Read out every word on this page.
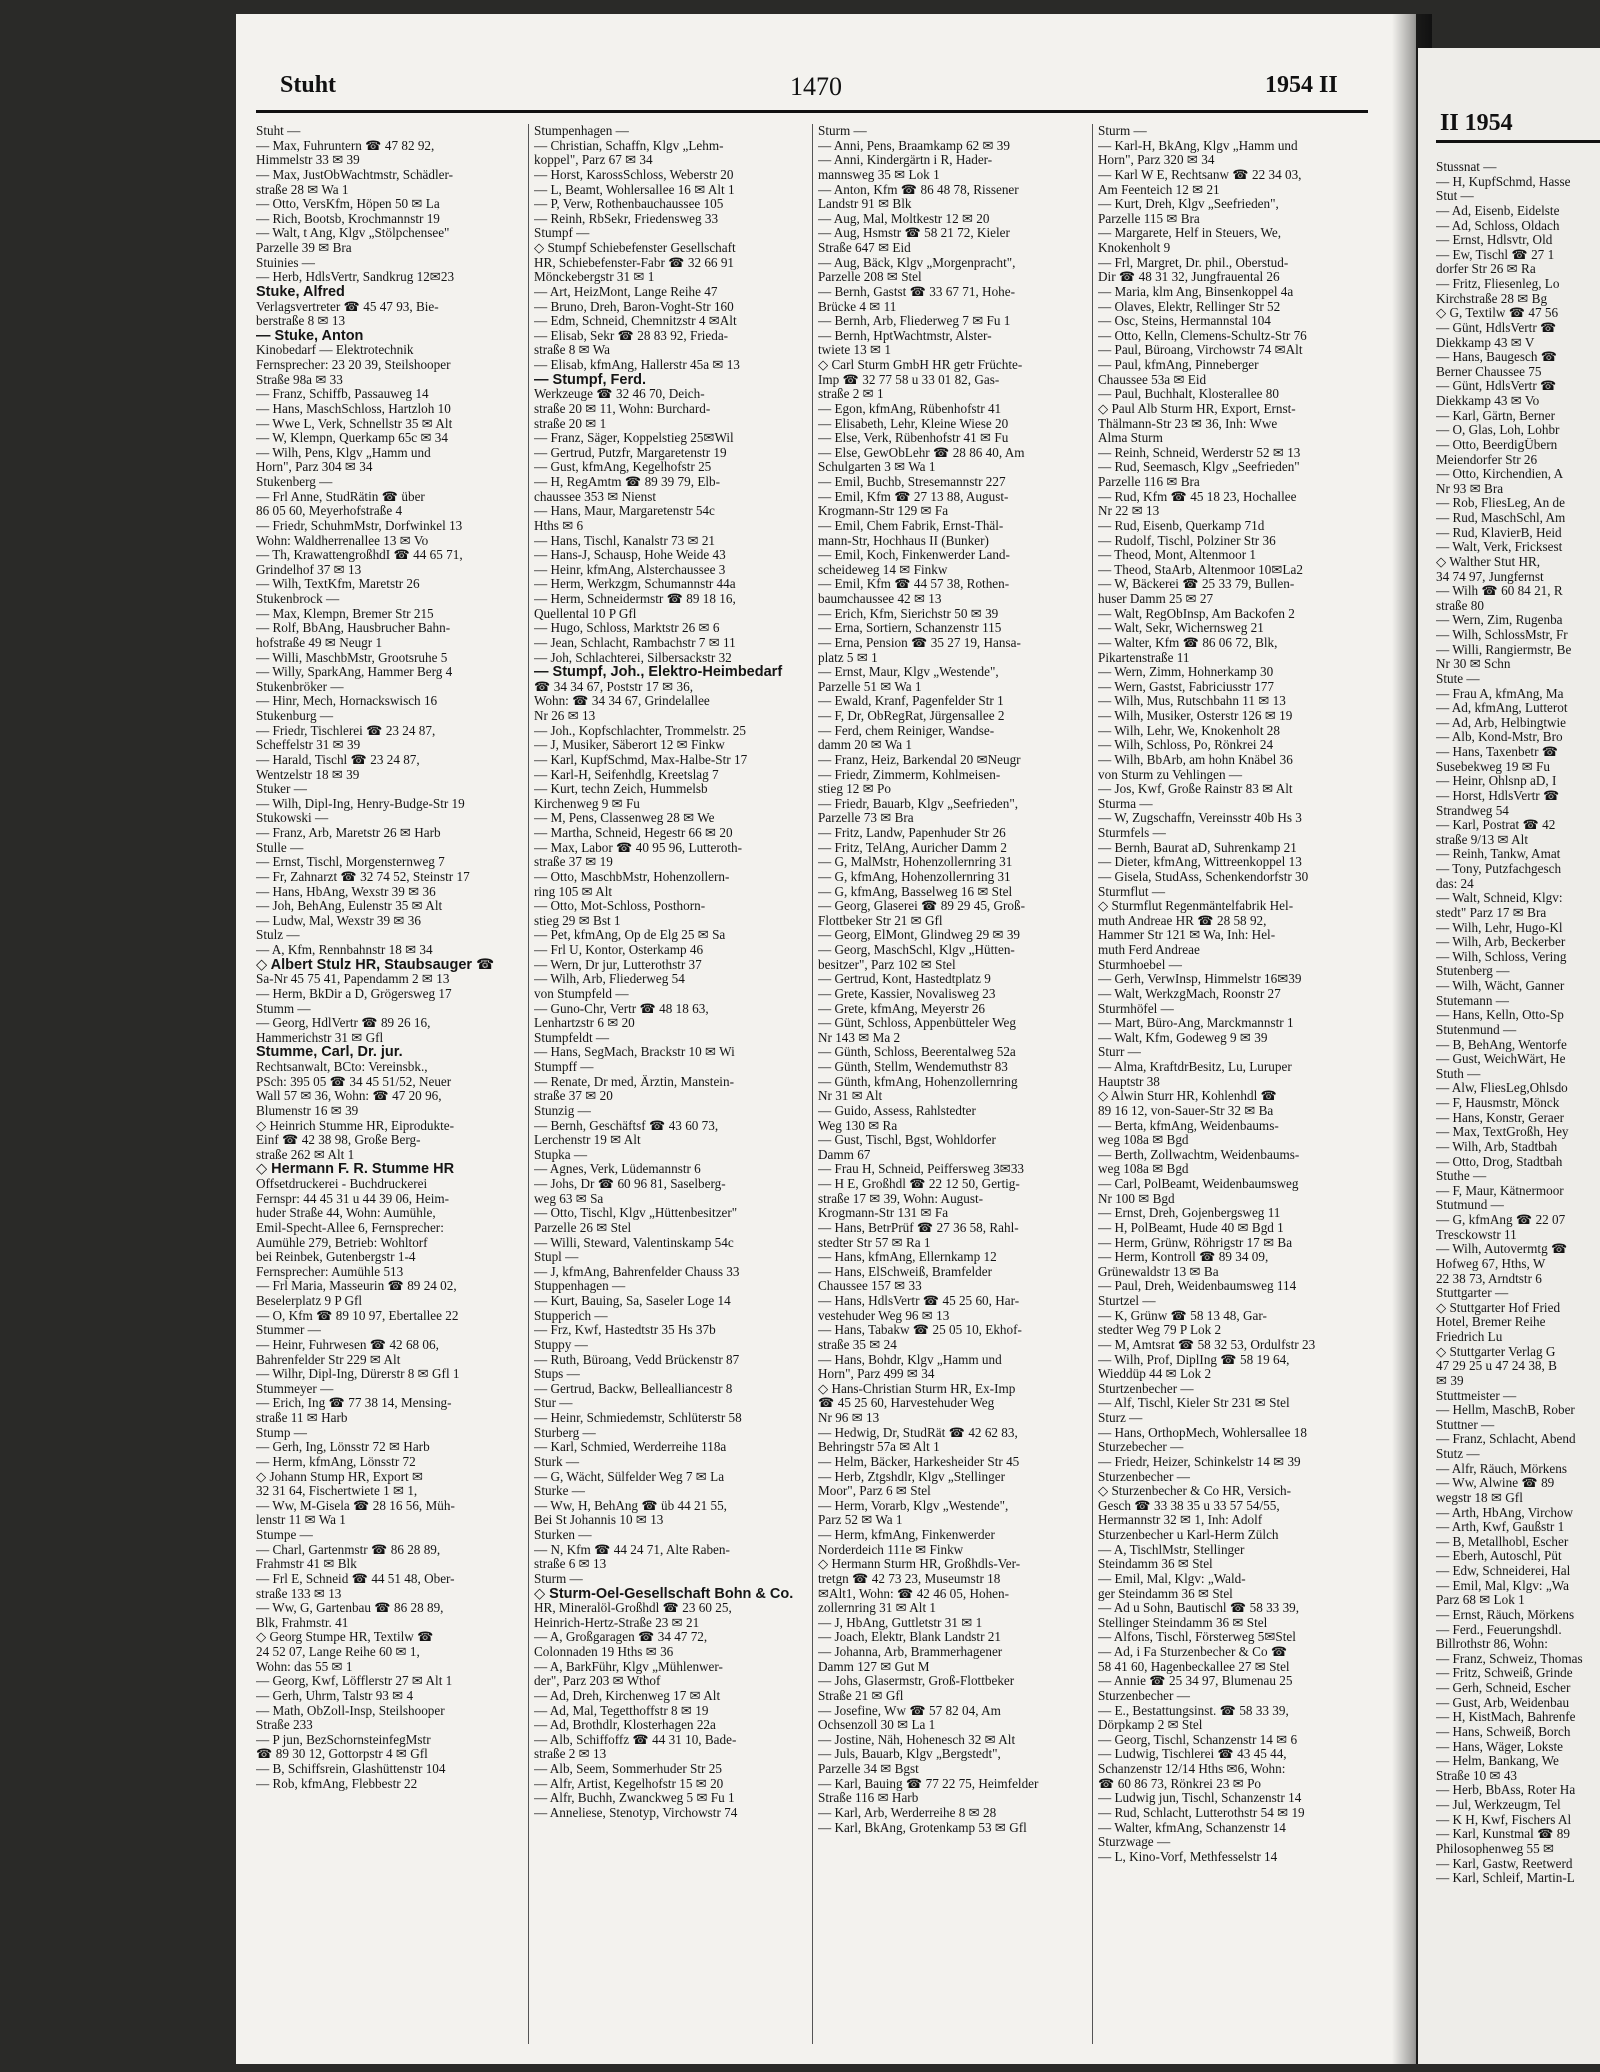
Stuht	1470	1954 II
II 1954
Stuht —
— Max, Fuhruntern ☎ 47 82 92,
Himmelstr 33 ✉ 39
— Max, JustObWachtmstr, Schädler-
straße 28 ✉ Wa 1
— Otto, VersKfm, Höpen 50 ✉ La
— Rich, Bootsb, Krochmannstr 19
— Walt, t Ang, Klgv „Stölpchensee"
Parzelle 39 ✉ Bra
Stuinies —
— Herb, HdlsVertr, Sandkrug 12✉23
Stuke, Alfred
Verlagsvertreter ☎ 45 47 93, Bie-
berstraße 8 ✉ 13
— Stuke, Anton
Kinobedarf — Elektrotechnik
Fernsprecher: 23 20 39, Steilshooper
Straße 98a ✉ 33
— Franz, Schiffb, Passauweg 14
— Hans, MaschSchloss, Hartzloh 10
— Wwe L, Verk, Schnellstr 35 ✉ Alt
— W, Klempn, Querkamp 65c ✉ 34
— Wilh, Pens, Klgv „Hamm und
Horn", Parz 304 ✉ 34
Stukenberg —
— Frl Anne, StudRätin ☎ über
86 05 60, Meyerhofstraße 4
— Friedr, SchuhmMstr, Dorfwinkel 13
Wohn: Waldherrenallee 13 ✉ Vo
— Th, KrawattengroßhdI ☎ 44 65 71,
Grindelhof 37 ✉ 13
— Wilh, TextKfm, Maretstr 26
Stukenbrock —
— Max, Klempn, Bremer Str 215
— Rolf, BbAng, Hausbrucher Bahn-
hofstraße 49 ✉ Neugr 1
— Willi, MaschbMstr, Grootsruhe 5
— Willy, SparkAng, Hammer Berg 4
Stukenbröker —
— Hinr, Mech, Hornackswisch 16
Stukenburg —
— Friedr, Tischlerei ☎ 23 24 87,
Scheffelstr 31 ✉ 39
— Harald, Tischl ☎ 23 24 87,
Wentzelstr 18 ✉ 39
Stuker —
— Wilh, Dipl-Ing, Henry-Budge-Str 19
Stukowski —
— Franz, Arb, Maretstr 26 ✉ Harb
Stulle —
— Ernst, Tischl, Morgensternweg 7
— Fr, Zahnarzt ☎ 32 74 52, Steinstr 17
— Hans, HbAng, Wexstr 39 ✉ 36
— Joh, BehAng, Eulenstr 35 ✉ Alt
— Ludw, Mal, Wexstr 39 ✉ 36
Stulz —
— A, Kfm, Rennbahnstr 18 ✉ 34
◇ Albert Stulz HR, Staubsauger ☎
Sa-Nr 45 75 41, Papendamm 2 ✉ 13
— Herm, BkDir a D, Grögersweg 17
Stumm —
— Georg, HdlVertr ☎ 89 26 16,
Hammerichstr 31 ✉ Gfl
Stumme, Carl, Dr. jur.
Rechtsanwalt, BCto: Vereinsbk.,
PSch: 395 05 ☎ 34 45 51/52, Neuer
Wall 57 ✉ 36, Wohn: ☎ 47 20 96,
Blumenstr 16 ✉ 39
◇ Heinrich Stumme HR, Eiprodukte-
Einf ☎ 42 38 98, Große Berg-
straße 262 ✉ Alt 1
◇ Hermann F. R. Stumme HR
Offsetdruckerei - Buchdruckerei
Fernspr: 44 45 31 u 44 39 06, Heim-
huder Straße 44, Wohn: Aumühle,
Emil-Specht-Allee 6, Fernsprecher:
Aumühle 279, Betrieb: Wohltorf
bei Reinbek, Gutenbergstr 1-4
Fernsprecher: Aumühle 513
— Frl Maria, Masseurin ☎ 89 24 02,
Beselerplatz 9 P Gfl
— O, Kfm ☎ 89 10 97, Ebertallee 22
Stummer —
— Heinr, Fuhrwesen ☎ 42 68 06,
Bahrenfelder Str 229 ✉ Alt
— Wilhr, Dipl-Ing, Dürerstr 8 ✉ Gfl 1
Stummeyer —
— Erich, Ing ☎ 77 38 14, Mensing-
straße 11 ✉ Harb
Stump —
— Gerh, Ing, Lönsstr 72 ✉ Harb
— Herm, kfmAng, Lönsstr 72
◇ Johann Stump HR, Export ✉
32 31 64, Fischertwiete 1 ✉ 1,
— Ww, M-Gisela ☎ 28 16 56, Müh-
lenstr 11 ✉ Wa 1
Stumpe —
— Charl, Gartenmstr ☎ 86 28 89,
Frahmstr 41 ✉ Blk
— Frl E, Schneid ☎ 44 51 48, Ober-
straße 133 ✉ 13
— Ww, G, Gartenbau ☎ 86 28 89,
Blk, Frahmstr. 41
◇ Georg Stumpe HR, Textilw ☎
24 52 07, Lange Reihe 60 ✉ 1,
Wohn: das 55 ✉ 1
— Georg, Kwf, Löfflerstr 27 ✉ Alt 1
— Gerh, Uhrm, Talstr 93 ✉ 4
— Math, ObZoll-Insp, Steilshooper
Straße 233
— P jun, BezSchornsteinfegMstr
☎ 89 30 12, Gottorpstr 4 ✉ Gfl
— B, Schiffsrein, Glashüttenstr 104
— Rob, kfmAng, Flebbestr 22
Stumpenhagen —
— Christian, Schaffn, Klgv „Lehm-
koppel", Parz 67 ✉ 34
— Horst, KarossSchloss, Weberstr 20
— L, Beamt, Wohlersallee 16 ✉ Alt 1
— P, Verw, Rothenbauchaussee 105
— Reinh, RbSekr, Friedensweg 33
Stumpf —
◇ Stumpf Schiebefenster Gesellschaft
HR, Schiebefenster-Fabr ☎ 32 66 91
Mönckebergstr 31 ✉ 1
— Art, HeizMont, Lange Reihe 47
— Bruno, Dreh, Baron-Voght-Str 160
— Edm, Schneid, Chemnitzstr 4 ✉Alt
— Elisab, Sekr ☎ 28 83 92, Frieda-
straße 8 ✉ Wa
— Elisab, kfmAng, Hallerstr 45a ✉ 13
— Stumpf, Ferd.
Werkzeuge ☎ 32 46 70, Deich-
straße 20 ✉ 11, Wohn: Burchard-
straße 20 ✉ 1
— Franz, Säger, Koppelstieg 25✉Wil
— Gertrud, Putzfr, Margaretenstr 19
— Gust, kfmAng, Kegelhofstr 25
— H, RegAmtm ☎ 89 39 79, Elb-
chaussee 353 ✉ Nienst
— Hans, Maur, Margaretenstr 54c
Hths ✉ 6
— Hans, Tischl, Kanalstr 73 ✉ 21
— Hans-J, Schausp, Hohe Weide 43
— Heinr, kfmAng, Alsterchaussee 3
— Herm, Werkzgm, Schumannstr 44a
— Herm, Schneidermstr ☎ 89 18 16,
Quellental 10 P Gfl
— Hugo, Schloss, Marktstr 26 ✉ 6
— Jean, Schlacht, Rambachstr 7 ✉ 11
— Joh, Schlachterei, Silbersackstr 32
— Stumpf, Joh., Elektro-Heimbedarf
☎ 34 34 67, Poststr 17 ✉ 36,
Wohn: ☎ 34 34 67, Grindelallee
Nr 26 ✉ 13
— Joh., Kopfschlachter, Trommelstr. 25
— J, Musiker, Säberort 12 ✉ Finkw
— Karl, KupfSchmd, Max-Halbe-Str 17
— Karl-H, Seifenhdlg, Kreetslag 7
— Kurt, techn Zeich, Hummelsb
Kirchenweg 9 ✉ Fu
— M, Pens, Classenweg 28 ✉ We
— Martha, Schneid, Hegestr 66 ✉ 20
— Max, Labor ☎ 40 95 96, Lutteroth-
straße 37 ✉ 19
— Otto, MaschbMstr, Hohenzollern-
ring 105 ✉ Alt
— Otto, Mot-Schloss, Posthorn-
stieg 29 ✉ Bst 1
— Pet, kfmAng, Op de Elg 25 ✉ Sa
— Frl U, Kontor, Osterkamp 46
— Wern, Dr jur, Lutterothstr 37
— Wilh, Arb, Fliederweg 54
von Stumpfeld —
— Guno-Chr, Vertr ☎ 48 18 63,
Lenhartzstr 6 ✉ 20
Stumpfeldt —
— Hans, SegMach, Brackstr 10 ✉ Wi
Stumpff —
— Renate, Dr med, Ärztin, Manstein-
straße 37 ✉ 20
Stunzig —
— Bernh, Geschäftsf ☎ 43 60 73,
Lerchenstr 19 ✉ Alt
Stupka —
— Agnes, Verk, Lüdemannstr 6
— Johs, Dr ☎ 60 96 81, Saselberg-
weg 63 ✉ Sa
— Otto, Tischl, Klgv „Hüttenbesitzer"
Parzelle 26 ✉ Stel
— Willi, Steward, Valentinskamp 54c
Stupl —
— J, kfmAng, Bahrenfelder Chauss 33
Stuppenhagen —
— Kurt, Bauing, Sa, Saseler Loge 14
Stupperich —
— Frz, Kwf, Hastedtstr 35 Hs 37b
Stuppy —
— Ruth, Büroang, Vedd Brückenstr 87
Stups —
— Gertrud, Backw, Bellealliancestr 8
Stur —
— Heinr, Schmiedemstr, Schlüterstr 58
Sturberg —
— Karl, Schmied, Werderreihe 118a
Sturk —
— G, Wächt, Sülfelder Weg 7 ✉ La
Sturke —
— Ww, H, BehAng ☎ üb 44 21 55,
Bei St Johannis 10 ✉ 13
Sturken —
— N, Kfm ☎ 44 24 71, Alte Raben-
straße 6 ✉ 13
Sturm —
◇ Sturm-Oel-Gesellschaft Bohn & Co.
HR, Mineralöl-Großhdl ☎ 23 60 25,
Heinrich-Hertz-Straße 23 ✉ 21
— A, Großgaragen ☎ 34 47 72,
Colonnaden 19 Hths ✉ 36
— A, BarkFühr, Klgv „Mühlenwer-
der", Parz 203 ✉ Wthof
— Ad, Dreh, Kirchenweg 17 ✉ Alt
— Ad, Mal, Tegetthoffstr 8 ✉ 19
— Ad, Brothdlr, Klosterhagen 22a
— Alb, Schiffoffz ☎ 44 31 10, Bade-
straße 2 ✉ 13
— Alb, Seem, Sommerhuder Str 25
— Alfr, Artist, Kegelhofstr 15 ✉ 20
— Alfr, Buchh, Zwanckweg 5 ✉ Fu 1
— Anneliese, Stenotyp, Virchowstr 74
Sturm —
— Anni, Pens, Braamkamp 62 ✉ 39
— Anni, Kindergärtn i R, Hader-
mannsweg 35 ✉ Lok 1
— Anton, Kfm ☎ 86 48 78, Rissener
Landstr 91 ✉ Blk
— Aug, Mal, Moltkestr 12 ✉ 20
— Aug, Hsmstr ☎ 58 21 72, Kieler
Straße 647 ✉ Eid
— Aug, Bäck, Klgv „Morgenpracht",
Parzelle 208 ✉ Stel
— Bernh, Gastst ☎ 33 67 71, Hohe-
Brücke 4 ✉ 11
— Bernh, Arb, Fliederweg 7 ✉ Fu 1
— Bernh, HptWachtmstr, Alster-
twiete 13 ✉ 1
◇ Carl Sturm GmbH HR getr Früchte-
Imp ☎ 32 77 58 u 33 01 82, Gas-
straße 2 ✉ 1
— Egon, kfmAng, Rübenhofstr 41
— Elisabeth, Lehr, Kleine Wiese 20
— Else, Verk, Rübenhofstr 41 ✉ Fu
— Else, GewObLehr ☎ 28 86 40, Am
Schulgarten 3 ✉ Wa 1
— Emil, Buchb, Stresemannstr 227
— Emil, Kfm ☎ 27 13 88, August-
Krogmann-Str 129 ✉ Fa
— Emil, Chem Fabrik, Ernst-Thäl-
mann-Str, Hochhaus II (Bunker)
— Emil, Koch, Finkenwerder Land-
scheideweg 14 ✉ Finkw
— Emil, Kfm ☎ 44 57 38, Rothen-
baumchaussee 42 ✉ 13
— Erich, Kfm, Sierichstr 50 ✉ 39
— Erna, Sortiern, Schanzenstr 115
— Erna, Pension ☎ 35 27 19, Hansa-
platz 5 ✉ 1
— Ernst, Maur, Klgv „Westende",
Parzelle 51 ✉ Wa 1
— Ewald, Kranf, Pagenfelder Str 1
— F, Dr, ObRegRat, Jürgensallee 2
— Ferd, chem Reiniger, Wandse-
damm 20 ✉ Wa 1
— Franz, Heiz, Barkendal 20 ✉Neugr
— Friedr, Zimmerm, Kohlmeisen-
stieg 12 ✉ Po
— Friedr, Bauarb, Klgv „Seefrieden",
Parzelle 73 ✉ Bra
— Fritz, Landw, Papenhuder Str 26
— Fritz, TelAng, Auricher Damm 2
— G, MalMstr, Hohenzollernring 31
— G, kfmAng, Hohenzollernring 31
— G, kfmAng, Basselweg 16 ✉ Stel
— Georg, Glaserei ☎ 89 29 45, Groß-
Flottbeker Str 21 ✉ Gfl
— Georg, ElMont, Glindweg 29 ✉ 39
— Georg, MaschSchl, Klgv „Hütten-
besitzer", Parz 102 ✉ Stel
— Gertrud, Kont, Hastedtplatz 9
— Grete, Kassier, Novalisweg 23
— Grete, kfmAng, Meyerstr 26
— Günt, Schloss, Appenbütteler Weg
Nr 143 ✉ Ma 2
— Günth, Schloss, Beerentalweg 52a
— Günth, Stellm, Wendemuthstr 83
— Günth, kfmAng, Hohenzollernring
Nr 31 ✉ Alt
— Guido, Assess, Rahlstedter
Weg 130 ✉ Ra
— Gust, Tischl, Bgst, Wohldorfer
Damm 67
— Frau H, Schneid, Peiffersweg 3✉33
— H E, Großhdl ☎ 22 12 50, Gertig-
straße 17 ✉ 39, Wohn: August-
Krogmann-Str 131 ✉ Fa
— Hans, BetrPrüf ☎ 27 36 58, Rahl-
stedter Str 57 ✉ Ra 1
— Hans, kfmAng, Ellernkamp 12
— Hans, ElSchweiß, Bramfelder
Chaussee 157 ✉ 33
— Hans, HdlsVertr ☎ 45 25 60, Har-
vestehuder Weg 96 ✉ 13
— Hans, Tabakw ☎ 25 05 10, Ekhof-
straße 35 ✉ 24
— Hans, Bohdr, Klgv „Hamm und
Horn", Parz 499 ✉ 34
◇ Hans-Christian Sturm HR, Ex-Imp
☎ 45 25 60, Harvestehuder Weg
Nr 96 ✉ 13
— Hedwig, Dr, StudRät ☎ 42 62 83,
Behringstr 57a ✉ Alt 1
— Helm, Bäcker, Harkesheider Str 45
— Herb, Ztgshdlr, Klgv „Stellinger
Moor", Parz 6 ✉ Stel
— Herm, Vorarb, Klgv „Westende",
Parz 52 ✉ Wa 1
— Herm, kfmAng, Finkenwerder
Norderdeich 111e ✉ Finkw
◇ Hermann Sturm HR, Großhdls-Ver-
tretgn ☎ 42 73 23, Museumstr 18
✉Alt1, Wohn: ☎ 42 46 05, Hohen-
zollernring 31 ✉ Alt 1
— J, HbAng, Guttletstr 31 ✉ 1
— Joach, Elektr, Blank Landstr 21
— Johanna, Arb, Brammerhagener
Damm 127 ✉ Gut M
— Johs, Glasermstr, Groß-Flottbeker
Straße 21 ✉ Gfl
— Josefine, Ww ☎ 57 82 04, Am
Ochsenzoll 30 ✉ La 1
— Jostine, Näh, Hohenesch 32 ✉ Alt
— Juls, Bauarb, Klgv „Bergstedt",
Parzelle 34 ✉ Bgst
— Karl, Bauing ☎ 77 22 75, Heimfelder
Straße 116 ✉ Harb
— Karl, Arb, Werderreihe 8 ✉ 28
— Karl, BkAng, Grotenkamp 53 ✉ Gfl
Sturm —
— Karl-H, BkAng, Klgv „Hamm und
Horn", Parz 320 ✉ 34
— Karl W E, Rechtsanw ☎ 22 34 03,
Am Feenteich 12 ✉ 21
— Kurt, Dreh, Klgv „Seefrieden",
Parzelle 115 ✉ Bra
— Margarete, Helf in Steuers, We,
Knokenholt 9
— Frl, Margret, Dr. phil., Oberstud-
Dir ☎ 48 31 32, Jungfrauental 26
— Maria, klm Ang, Binsenkoppel 4a
— Olaves, Elektr, Rellinger Str 52
— Osc, Steins, Hermannstal 104
— Otto, Kelln, Clemens-Schultz-Str 76
— Paul, Büroang, Virchowstr 74 ✉Alt
— Paul, kfmAng, Pinneberger
Chaussee 53a ✉ Eid
— Paul, Buchhalt, Klosterallee 80
◇ Paul Alb Sturm HR, Export, Ernst-
Thälmann-Str 23 ✉ 36, Inh: Wwe
Alma Sturm
— Reinh, Schneid, Werderstr 52 ✉ 13
— Rud, Seemasch, Klgv „Seefrieden"
Parzelle 116 ✉ Bra
— Rud, Kfm ☎ 45 18 23, Hochallee
Nr 22 ✉ 13
— Rud, Eisenb, Querkamp 71d
— Rudolf, Tischl, Polziner Str 36
— Theod, Mont, Altenmoor 1
— Theod, StaArb, Altenmoor 10✉La2
— W, Bäckerei ☎ 25 33 79, Bullen-
huser Damm 25 ✉ 27
— Walt, RegObInsp, Am Backofen 2
— Walt, Sekr, Wichernsweg 21
— Walter, Kfm ☎ 86 06 72, Blk,
Pikartenstraße 11
— Wern, Zimm, Hohnerkamp 30
— Wern, Gastst, Fabriciusstr 177
— Wilh, Mus, Rutschbahn 11 ✉ 13
— Wilh, Musiker, Osterstr 126 ✉ 19
— Wilh, Lehr, We, Knokenholt 28
— Wilh, Schloss, Po, Rönkrei 24
— Wilh, BbArb, am hohn Knäbel 36
von Sturm zu Vehlingen —
— Jos, Kwf, Große Rainstr 83 ✉ Alt
Sturma —
— W, Zugschaffn, Vereinsstr 40b Hs 3
Sturmfels —
— Bernh, Baurat aD, Suhrenkamp 21
— Dieter, kfmAng, Wittreenkoppel 13
— Gisela, StudAss, Schenkendorfstr 30
Sturmflut —
◇ Sturmflut Regenmäntelfabrik Hel-
muth Andreae HR ☎ 28 58 92,
Hammer Str 121 ✉ Wa, Inh: Hel-
muth Ferd Andreae
Sturmhoebel —
— Gerh, VerwInsp, Himmelstr 16✉39
— Walt, WerkzgMach, Roonstr 27
Sturmhöfel —
— Mart, Büro-Ang, Marckmannstr 1
— Walt, Kfm, Godeweg 9 ✉ 39
Sturr —
— Alma, KraftdrBesitz, Lu, Luruper
Hauptstr 38
◇ Alwin Sturr HR, Kohlenhdl ☎
89 16 12, von-Sauer-Str 32 ✉ Ba
— Berta, kfmAng, Weidenbaums-
weg 108a ✉ Bgd
— Berth, Zollwachtm, Weidenbaums-
weg 108a ✉ Bgd
— Carl, PolBeamt, Weidenbaumsweg
Nr 100 ✉ Bgd
— Ernst, Dreh, Gojenbergsweg 11
— H, PolBeamt, Hude 40 ✉ Bgd 1
— Herm, Grünw, Röhrigstr 17 ✉ Ba
— Herm, Kontroll ☎ 89 34 09,
Grünewaldstr 13 ✉ Ba
— Paul, Dreh, Weidenbaumsweg 114
Sturtzel —
— K, Grünw ☎ 58 13 48, Gar-
stedter Weg 79 P Lok 2
— M, Amtsrat ☎ 58 32 53, Ordulfstr 23
— Wilh, Prof, DiplIng ☎ 58 19 64,
Wieddüp 44 ✉ Lok 2
Sturtzenbecher —
— Alf, Tischl, Kieler Str 231 ✉ Stel
Sturz —
— Hans, OrthopMech, Wohlersallee 18
Sturzebecher —
— Friedr, Heizer, Schinkelstr 14 ✉ 39
Sturzenbecher —
◇ Sturzenbecher & Co HR, Versich-
Gesch ☎ 33 38 35 u 33 57 54/55,
Hermannstr 32 ✉ 1, Inh: Adolf
Sturzenbecher u Karl-Herm Zülch
— A, TischlMstr, Stellinger
Steindamm 36 ✉ Stel
— Emil, Mal, Klgv: „Wald-
ger Steindamm 36 ✉ Stel
— Ad u Sohn, Bautischl ☎ 58 33 39,
Stellinger Steindamm 36 ✉ Stel
— Alfons, Tischl, Försterweg 5✉Stel
— Ad, i Fa Sturzenbecher & Co ☎
58 41 60, Hagenbeckallee 27 ✉ Stel
— Annie ☎ 25 34 97, Blumenau 25
Sturzenbecher —
— E., Bestattungsinst. ☎ 58 33 39,
Dörpkamp 2 ✉ Stel
— Georg, Tischl, Schanzenstr 14 ✉ 6
— Ludwig, Tischlerei ☎ 43 45 44,
Schanzenstr 12/14 Hths ✉6, Wohn:
☎ 60 86 73, Rönkrei 23 ✉ Po
— Ludwig jun, Tischl, Schanzenstr 14
— Rud, Schlacht, Lutterothstr 54 ✉ 19
— Walter, kfmAng, Schanzenstr 14
Sturzwage —
— L, Kino-Vorf, Methfesselstr 14
Stussnat —
— H, KupfSchmd, Hasse
Stut —
— Ad, Eisenb, Eidelste
— Ad, Schloss, Oldach
— Ernst, Hdlsvtr, Old
— Ew, Tischl ☎ 27 1
dorfer Str 26 ✉ Ra
— Fritz, Fliesenleg, Lo
Kirchstraße 28 ✉ Bg
◇ G, Textilw ☎ 47 56
— Günt, HdlsVertr ☎
Diekkamp 43 ✉ V
— Hans, Baugesch ☎
Berner Chaussee 75
— Günt, HdlsVertr ☎
Diekkamp 43 ✉ Vo
— Karl, Gärtn, Berner
— O, Glas, Loh, Lohbr
— Otto, BeerdigÜbern
Meiendorfer Str 26
— Otto, Kirchendien, A
Nr 93 ✉ Bra
— Rob, FliesLeg, An de
— Rud, MaschSchl, Am
— Rud, KlavierB, Heid
— Walt, Verk, Fricksest
◇ Walther Stut HR,
34 74 97, Jungfernst
— Wilh ☎ 60 84 21, R
straße 80
— Wern, Zim, Rugenba
— Wilh, SchlossMstr, Fr
— Willi, Rangiermstr, Be
Nr 30 ✉ Schn
Stute —
— Frau A, kfmAng, Ma
— Ad, kfmAng, Lutterot
— Ad, Arb, Helbingtwie
— Alb, Kond-Mstr, Bro
— Hans, Taxenbetr ☎
Susebekweg 19 ✉ Fu
— Heinr, Ohlsnp aD, I
— Horst, HdlsVertr ☎
Strandweg 54
— Karl, Postrat ☎ 42
straße 9/13 ✉ Alt
— Reinh, Tankw, Amat
— Tony, Putzfachgesch
das: 24
— Walt, Schneid, Klgv:
stedt" Parz 17 ✉ Bra
— Wilh, Lehr, Hugo-Kl
— Wilh, Arb, Beckerber
— Wilh, Schloss, Vering
Stutenberg —
— Wilh, Wächt, Ganner
Stutemann —
— Hans, Kelln, Otto-Sp
Stutenmund —
— B, BehAng, Wentorfe
— Gust, WeichWärt, He
Stuth —
— Alw, FliesLeg,Ohlsdo
— F, Hausmstr, Mönck
— Hans, Konstr, Geraer
— Max, TextGroßh, Hey
— Wilh, Arb, Stadtbah
— Otto, Drog, Stadtbah
Stuthe —
— F, Maur, Kätnermoor
Stutmund —
— G, kfmAng ☎ 22 07
Tresckowstr 11
— Wilh, Autovermtg ☎
Hofweg 67, Hths, W
22 38 73, Arndtstr 6
Stuttgarter —
◇ Stuttgarter Hof Fried
Hotel, Bremer Reihe
Friedrich Lu
◇ Stuttgarter Verlag G
47 29 25 u 47 24 38, B
✉ 39
Stuttmeister —
— Hellm, MaschB, Rober
Stuttner —
— Franz, Schlacht, Abend
Stutz —
— Alfr, Räuch, Mörkens
— Ww, Alwine ☎ 89
wegstr 18 ✉ Gfl
— Arth, HbAng, Virchow
— Arth, Kwf, Gaußstr 1
— B, Metallhobl, Escher
— Eberh, Autoschl, Püt
— Edw, Schneiderei, Hal
— Emil, Mal, Klgv: „Wa
Parz 68 ✉ Lok 1
— Ernst, Räuch, Mörkens
— Ferd., Feuerungshdl.
Billrothstr 86, Wohn:
— Franz, Schweiz, Thomas
— Fritz, Schweiß, Grinde
— Gerh, Schneid, Escher
— Gust, Arb, Weidenbau
— H, KistMach, Bahrenfe
— Hans, Schweiß, Borch
— Hans, Wäger, Lokste
— Helm, Bankang, We
Straße 10 ✉ 43
— Herb, BbAss, Roter Ha
— Jul, Werkzeugm, Tel
— K H, Kwf, Fischers Al
— Karl, Kunstmal ☎ 89
Philosophenweg 55 ✉
— Karl, Gastw, Reetwerd
— Karl, Schleif, Martin-L
